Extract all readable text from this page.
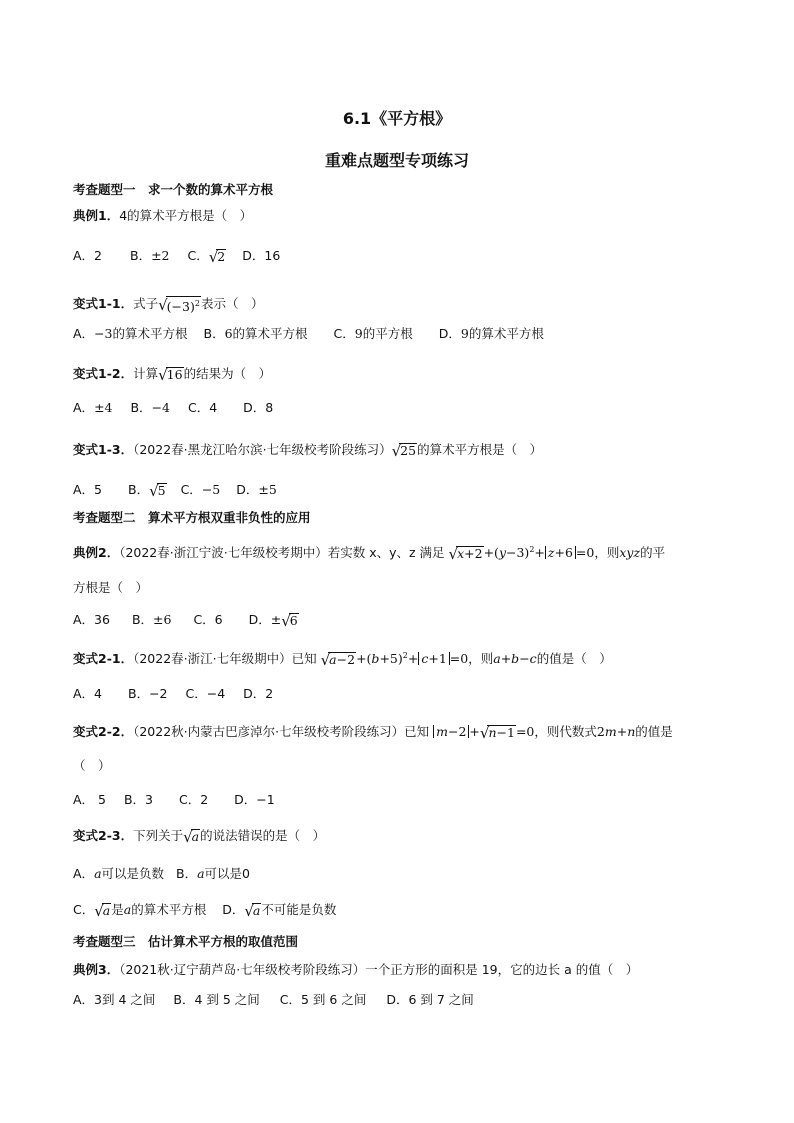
6.1《平方根》
重难点题型专项练习
考查题型一　求一个数的算术平方根
典例1．4的算术平方根是（　）
A．2 B．±2 C．√2 D．16
变式1-1．式子$√(-3)^2$表示（　）
A．−3的算术平方根 B．6的算术平方根 C．9的平方根 D．9的算术平方根
变式1-2．计算√16的结果为（　）
A．±4 B．−4 C．4 D．8
变式1-3．（2022春·黑龙江哈尔滨·七年级校考阶段练习）√25的算术平方根是（　）
A．5 B．√5 C．−5 D．±5
考查题型二　算术平方根双重非负性的应用
典例2．（2022春·浙江宁波·七年级校考期中）若实数 x、y、z 满足 $√x+2+(y-3)^2+ z+6 =0$，则xyz的平
方根是（　）
A．36 B．±6 C．6 D．±√6
变式2-1．（2022春·浙江·七年级期中）已知 $√a-2+(b+5)^2+ c+1 =0$，则a+b−c的值是（　）
A．4 B．−2 C．−4 D．2
变式2-2．（2022秋·内蒙古巴彦淖尔·七年级校考阶段练习）已知 m−2 +√n−1=0，则代数式2m+n的值是
（　）
A． 5 B．3 C．2 D．−1
变式2-3．下列关于√a的说法错误的是（　）
A．a可以是负数 B．a可以是0
C．√a是a的算术平方根 D．√a不可能是负数
考查题型三　估计算术平方根的取值范围
典例3．（2021秋·辽宁葫芦岛·七年级校考阶段练习）一个正方形的面积是 19，它的边长 a 的值（　）
A．3到 4 之间 B．4 到 5 之间 C．5 到 6 之间 D．6 到 7 之间
